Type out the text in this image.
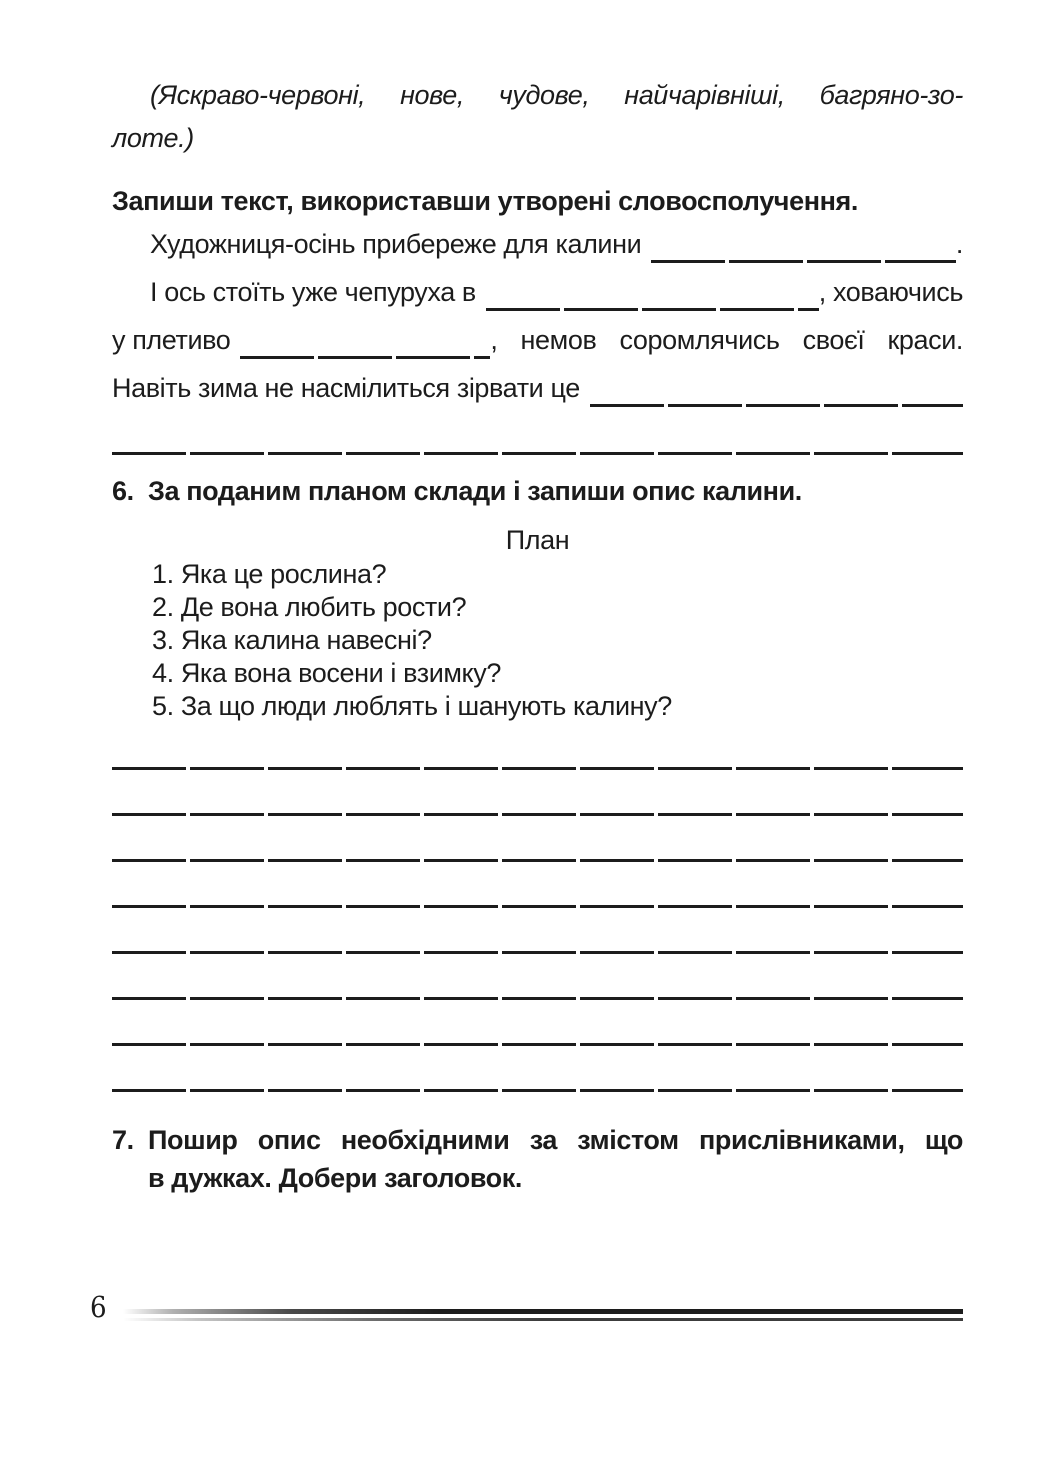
(Яскраво-червоні, нове, чудове, найчарівніші, багряно-зо-
лоте.)
Запиши текст, використавши утворені словосполучення.
Художниця-осінь прибереже для калини	.
І ось стоїть уже чепуруха в	, ховаючись
у плетиво	, немов соромлячись своєї краси.
Навіть зима не насмілиться зірвати це
6. За поданим планом склади і запиши опис калини.
План
1. Яка це рослина?
2. Де вона любить рости?
3. Яка калина навесні?
4. Яка вона восени і взимку?
5. За що люди люблять і шанують калину?
7. Пошир опис необхідними за змістом прислівниками, що
в дужках. Добери заголовок.
6
